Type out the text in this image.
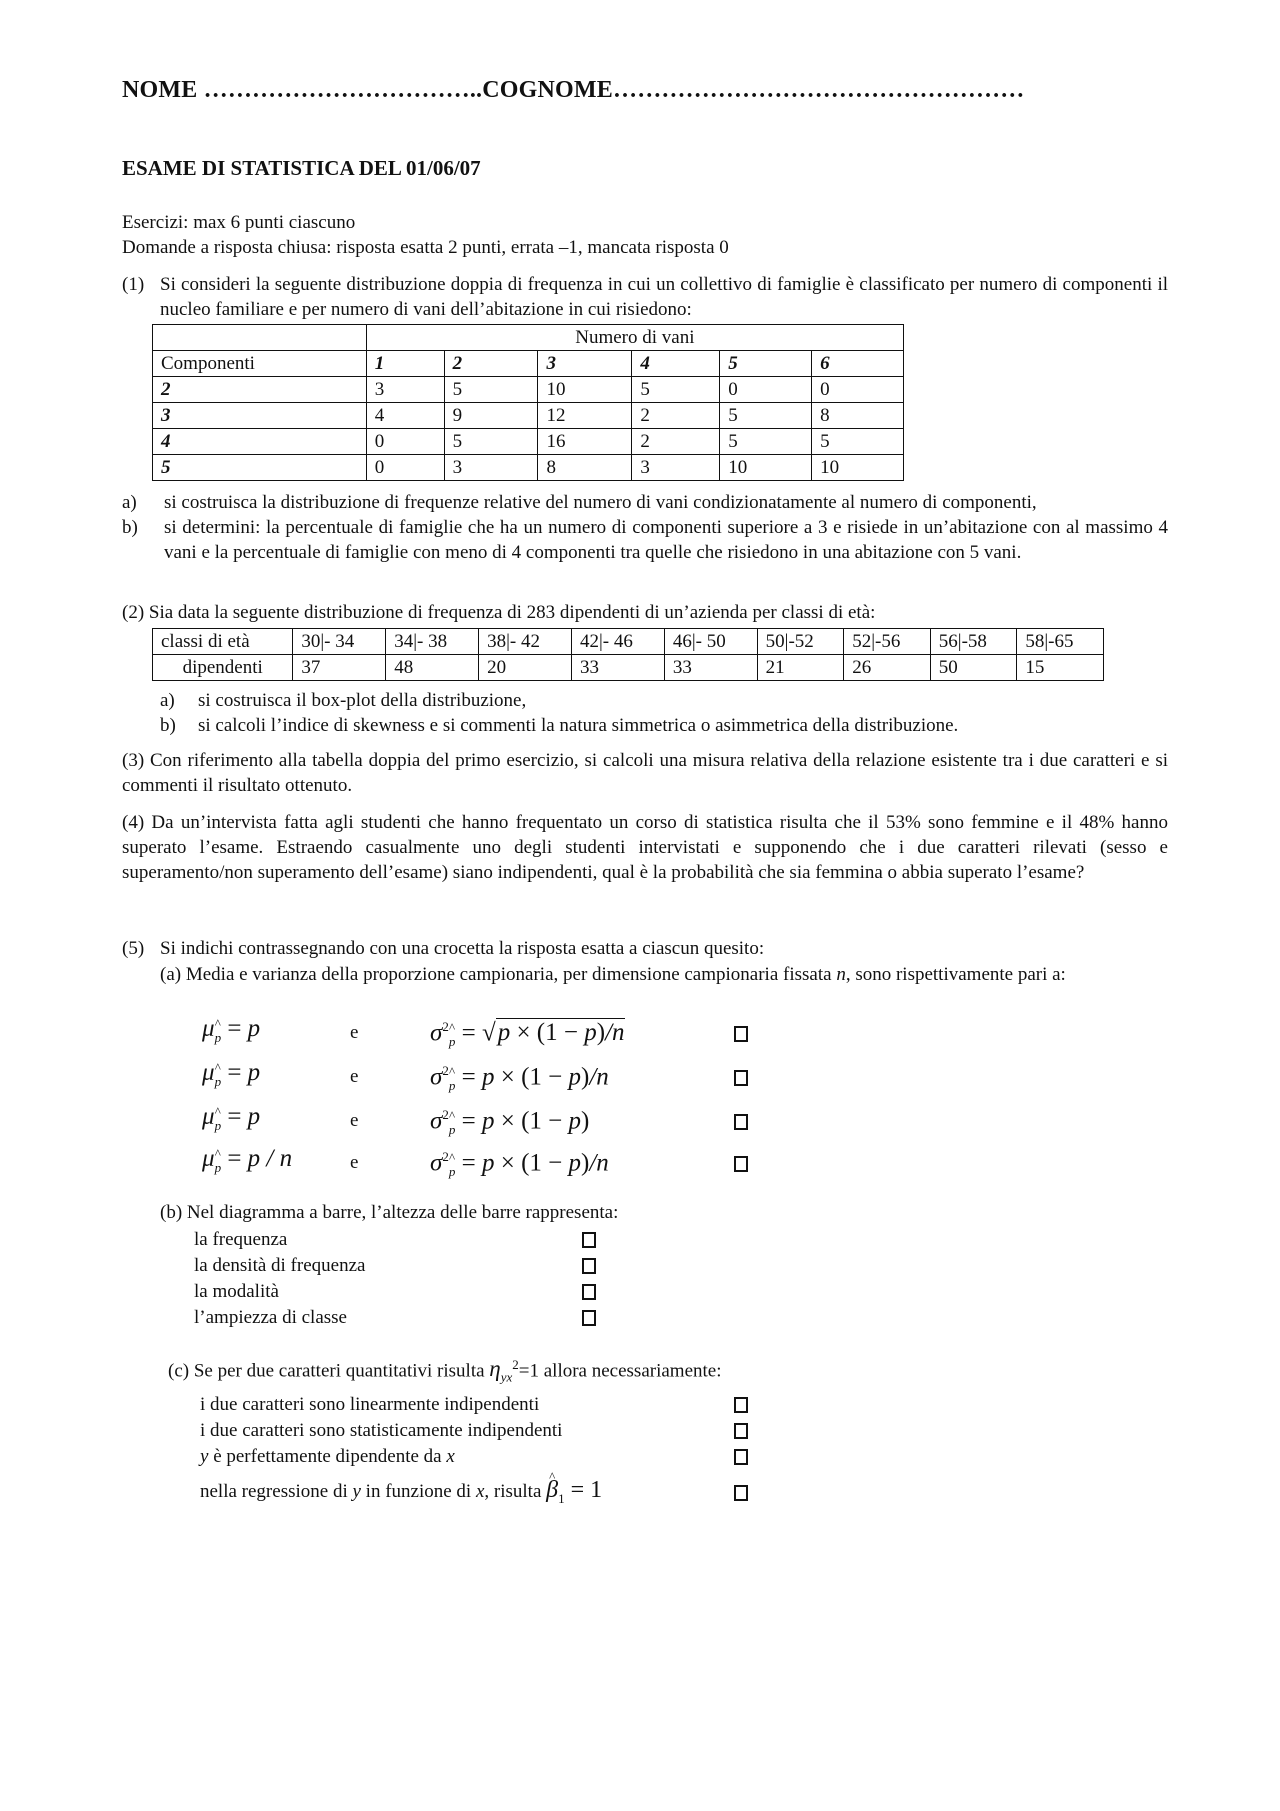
NOME ……………………………..COGNOME……………………………………………
ESAME DI STATISTICA DEL 01/06/07

Esercizi: max 6 punti ciascuno

Domande a risposta chiusa: risposta esatta 2 punti, errata –1, mancata risposta 0

(1) Si consideri la seguente distribuzione doppia di frequenza in cui un collettivo di famiglie è classificato per numero di componenti il nucleo familiare e per numero di vani dell’abitazione in cui risiedono:
	Numero di vani					
Componenti	1	2	3	4	5	6
2	3	5	10	5	0	0
3	4	9	12	2	5	8
4	0	5	16	2	5	5
5	0	3	8	3	10	10
a)	si costruisca la distribuzione di frequenze relative del numero di vani condizionatamente al numero di componenti,
b)	si determini: la percentuale di famiglie che ha un numero di componenti superiore a 3 e risiede in un’abitazione con al massimo 4 vani e la percentuale di famiglie con meno di 4 componenti tra quelle che risiedono in una abitazione con 5 vani.
(2) Sia data la seguente distribuzione di frequenza di 283 dipendenti di un’azienda per classi di età:
classi di età	30|- 34	34|- 38	38|- 42	42|- 46	46|- 50	50|-52	52|-56	56|-58	58|-65
dipendenti	37	48	20	33	33	21	26	50	15
a)	si costruisca il box-plot della distribuzione,
b)	si calcoli l’indice di skewness e si commenti la natura simmetrica o asimmetrica della distribuzione.
(3) Con riferimento alla tabella doppia del primo esercizio, si calcoli una misura relativa della relazione esistente tra i due caratteri e si commenti il risultato ottenuto.
(4) Da un’intervista fatta agli studenti che hanno frequentato un corso di statistica risulta che il 53% sono femmine e il 48% hanno superato l’esame. Estraendo casualmente uno degli studenti intervistati e supponendo che i due caratteri rilevati (sesso e superamento/non superamento dell’esame) siano indipendenti, qual è la probabilità che sia femmina o abbia superato l’esame?
(5) Si indichi contrassegnando con una crocetta la risposta esatta a ciascun quesito:
(a) Media e varianza della proporzione campionaria, per dimensione campionaria fissata n, sono rispettivamente pari a:
$\mu_p$ ^ = p	e	$\sigma^2_p$ ^ = √p × (1 − p)/n
$\mu_p$ ^ = p	e	$\sigma^2_p$ ^ = p × (1 − p)/n
$\mu_p$ ^ = p	e	$\sigma^2_p$ ^ = p × (1 − p)
$\mu_p$ ^ = p / n	e	$\sigma^2_p$ ^ = p × (1 − p)/n
(b) Nel diagramma a barre, l’altezza delle barre rappresenta:
la frequenza
la densità di frequenza
la modalità
l’ampiezza di classe
(c) Se per due caratteri quantitativi risulta $\eta_{yx}^2=1$ allora necessariamente:
i due caratteri sono linearmente indipendenti
i due caratteri sono statisticamente indipendenti
y è perfettamente dipendente da x
nella regressione di y in funzione di x, risulta β $\^{}_1 = 1$
